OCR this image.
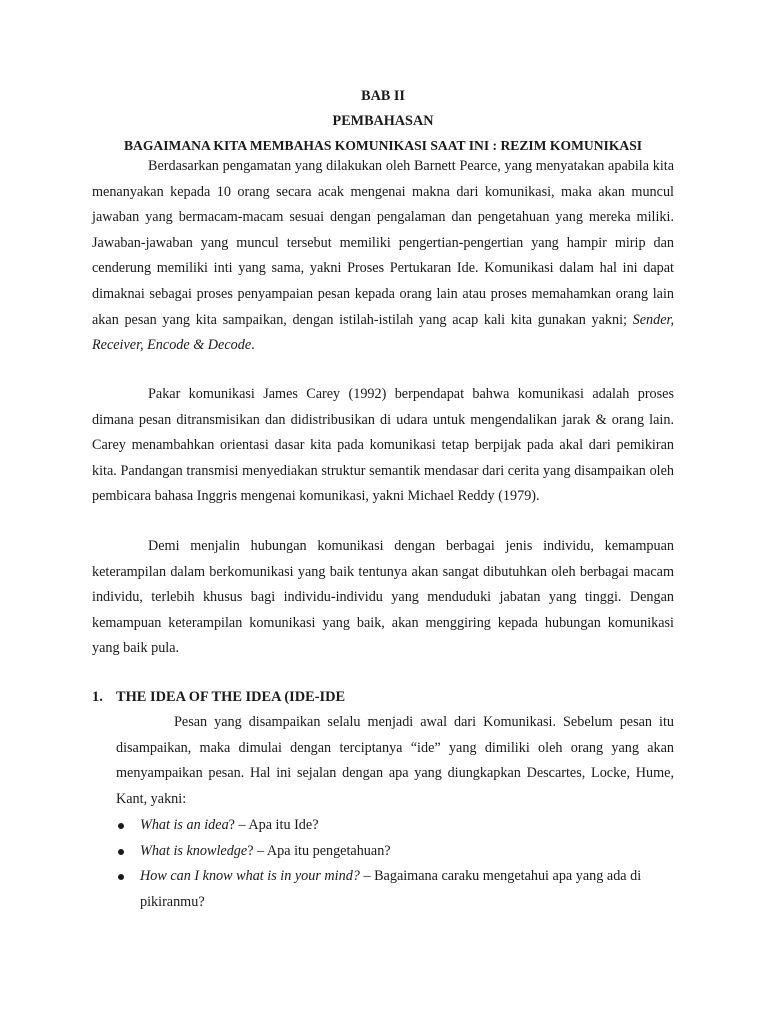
BAB II
PEMBAHASAN
BAGAIMANA KITA MEMBAHAS KOMUNIKASI SAAT INI : REZIM KOMUNIKASI

Berdasarkan pengamatan yang dilakukan oleh Barnett Pearce, yang menyatakan apabila kita menanyakan kepada 10 orang secara acak mengenai makna dari komunikasi, maka akan muncul jawaban yang bermacam-macam sesuai dengan pengalaman dan pengetahuan yang mereka miliki. Jawaban-jawaban yang muncul tersebut memiliki pengertian-pengertian yang hampir mirip dan cenderung memiliki inti yang sama, yakni Proses Pertukaran Ide. Komunikasi dalam hal ini dapat dimaknai sebagai proses penyampaian pesan kepada orang lain atau proses memahamkan orang lain akan pesan yang kita sampaikan, dengan istilah-istilah yang acap kali kita gunakan yakni; Sender, Receiver, Encode & Decode.

Pakar komunikasi James Carey (1992) berpendapat bahwa komunikasi adalah proses dimana pesan ditransmisikan dan didistribusikan di udara untuk mengendalikan jarak & orang lain. Carey menambahkan orientasi dasar kita pada komunikasi tetap berpijak pada akal dari pemikiran kita. Pandangan transmisi menyediakan struktur semantik mendasar dari cerita yang disampaikan oleh pembicara bahasa Inggris mengenai komunikasi, yakni Michael Reddy (1979).

Demi menjalin hubungan komunikasi dengan berbagai jenis individu, kemampuan keterampilan dalam berkomunikasi yang baik tentunya akan sangat dibutuhkan oleh berbagai macam individu, terlebih khusus bagi individu-individu yang menduduki jabatan yang tinggi. Dengan kemampuan keterampilan komunikasi yang baik, akan menggiring kepada hubungan komunikasi yang baik pula.

1. THE IDEA OF THE IDEA (IDE-IDE

Pesan yang disampaikan selalu menjadi awal dari Komunikasi. Sebelum pesan itu disampaikan, maka dimulai dengan terciptanya “ide” yang dimiliki oleh orang yang akan menyampaikan pesan. Hal ini sejalan dengan apa yang diungkapkan Descartes, Locke, Hume, Kant, yakni:

What is an idea? – Apa itu Ide?
What is knowledge? – Apa itu pengetahuan?
How can I know what is in your mind? – Bagaimana caraku mengetahui apa yang ada di pikiranmu?
